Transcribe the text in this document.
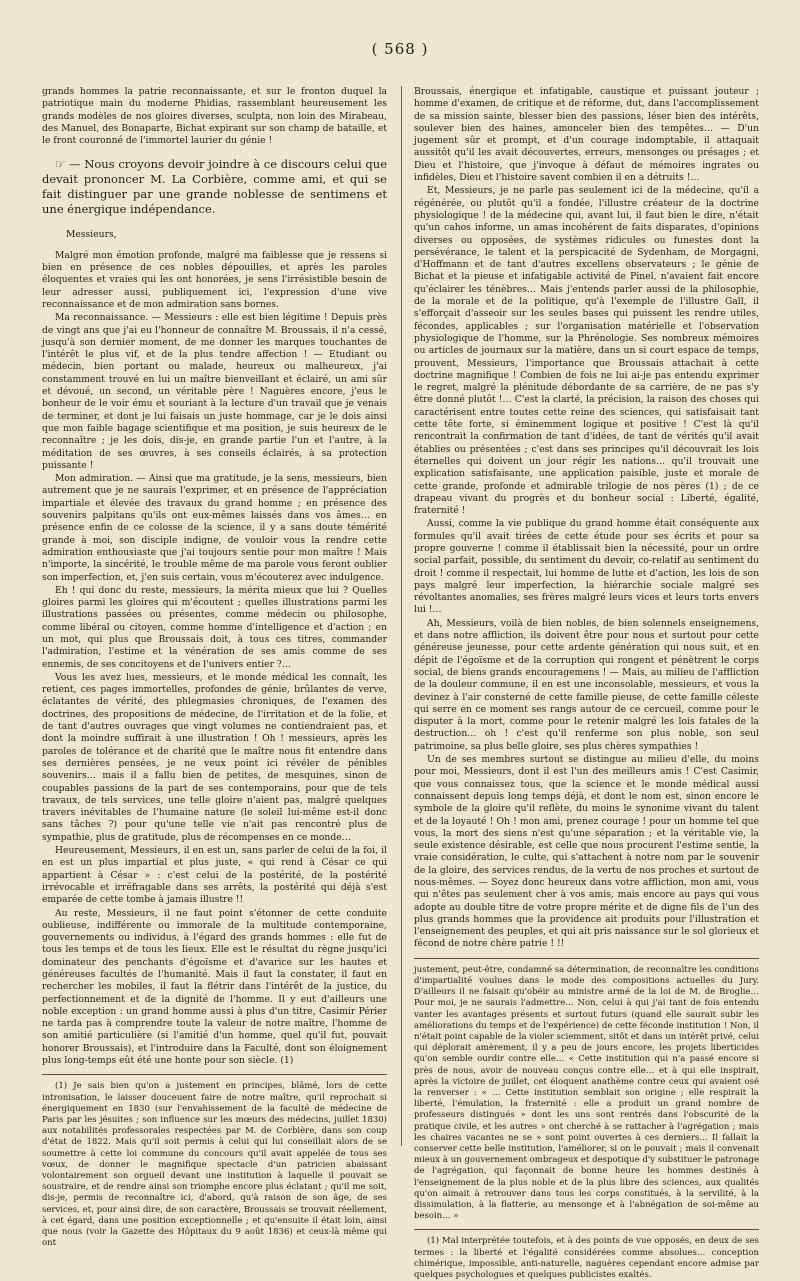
( 568 )

grands hommes la patrie reconnaissante, et sur le fronton duquel la patriotique main du moderne Phidias, rassemblant heureusement les grands modèles de nos gloires diverses, sculpta, non loin des Mirabeau, des Manuel, des Bonaparte, Bichat expirant sur son champ de bataille, et le front couronné de l'immortel laurier du génie !

☞ — Nous croyons devoir joindre à ce discours celui que devait prononcer M. La Corbière, comme ami, et qui se fait distinguer par une grande noblesse de sentimens et une énergique indépendance.

Messieurs,

Malgré mon émotion profonde, malgré ma faiblesse que je ressens si bien en présence de ces nobles dépouilles, et après les paroles éloquentes et vraies qui les ont honorées, je sens l'irrésistible besoin de leur adresser aussi, publiquement ici, l'expression d'une vive reconnaissance et de mon admiration sans bornes.

Ma reconnaissance. — Messieurs : elle est bien légitime ! Depuis près de vingt ans que j'ai eu l'honneur de connaître M. Broussais, il n'a cessé, jusqu'à son dernier moment, de me donner les marques touchantes de l'intérêt le plus vif, et de la plus tendre affection ! — Etudiant ou médecin, bien portant ou malade, heureux ou malheureux, j'ai constamment trouvé en lui un maître bienveillant et éclairé, un ami sûr et dévoué, un second, un véritable père ! Naguères encore, j'eus le bonheur de le voir ému et souriant à la lecture d'un travail que je venais de terminer, et dont je lui faisais un juste hommage, car je le dois ainsi que mon faible bagage scientifique et ma position, je suis heureux de le reconnaître ; je les dois, dis-je, en grande partie l'un et l'autre, à la méditation de ses œuvres, à ses conseils éclairés, à sa protection puissante !

Mon admiration. — Ainsi que ma gratitude, je la sens, messieurs, bien autrement que je ne saurais l'exprimer, et en présence de l'appréciation impartiale et élevée des travaux du grand homme ; en présence des souvenirs palpitans qu'ils ont eux-mêmes laissés dans vos âmes… en présence enfin de ce colosse de la science, il y a sans doute témérité grande à moi, son disciple indigne, de vouloir vous la rendre cette admiration enthousiaste que j'ai toujours sentie pour mon maître ! Mais n'importe, la sincérité, le trouble même de ma parole vous feront oublier son imperfection, et, j'en suis certain, vous m'écouterez avec indulgence.

Eh ! qui donc du reste, messieurs, la mérita mieux que lui ? Quelles gloires parmi les gloires qui m'écoutent ; quelles illustrations parmi les illustrations passées ou présentes, comme médecin ou philosophe, comme libéral ou citoyen, comme homme d'intelligence et d'action ; en un mot, qui plus que Broussais doit, à tous ces titres, commander l'admiration, l'estime et la vénération de ses amis comme de ses ennemis, de ses concitoyens et de l'univers entier ?…

Vous les avez lues, messieurs, et le monde médical les connaît, les retient, ces pages immortelles, profondes de génie, brûlantes de verve, éclatantes de vérité, des phlegmasies chroniques, de l'examen des doctrines, des propositions de médecine, de l'irritation et de la folie, et de tant d'autres ouvrages que vingt volumes ne contiendraient pas, et dont la moindre suffirait à une illustration ! Oh ! messieurs, après les paroles de tolérance et de charité que le maître nous fit entendre dans ses dernières pensées, je ne veux point ici révéler de pénibles souvenirs… mais il a fallu bien de petites, de mesquines, sinon de coupables passions de la part de ses contemporains, pour que de tels travaux, de tels services, une telle gloire n'aient pas, malgré quelques travers inévitables de l'humaine nature (le soleil lui-même est-il donc sans tâches ?) pour qu'une telle vie n'ait pas rencontré plus de sympathie, plus de gratitude, plus de récompenses en ce monde…

Heureusement, Messieurs, il en est un, sans parler de celui de la foi, il en est un plus impartial et plus juste, « qui rend à César ce qui appartient à César » : c'est celui de la postérité, de la postérité irrévocable et irréfragable dans ses arrêts, la postérité qui déjà s'est emparée de cette tombe à jamais illustre !!

Au reste, Messieurs, il ne faut point s'étonner de cette conduite oublieuse, indifférente ou immorale de la multitude contemporaine, gouvernements ou individus, à l'égard des grands hommes : elle fut de tous les temps et de tous les lieux. Elle est le résultat du règne jusqu'ici dominateur des penchants d'égoïsme et d'avarice sur les hautes et généreuses facultés de l'humanité. Mais il faut la constater, il faut en rechercher les mobiles, il faut la flétrir dans l'intérêt de la justice, du perfectionnement et de la dignité de l'homme. Il y eut d'ailleurs une noble exception : un grand homme aussi à plus d'un titre, Casimir Périer ne tarda pas à comprendre toute la valeur de notre maître, l'homme de son amitié particulière (si l'amitié d'un homme, quel qu'il fut, pouvait honorer Broussais), et l'introduire dans la Faculté, dont son éloignement plus long-temps eût été une honte pour son siècle. (1)

(1) Je sais bien qu'on a justement en principes, blâmé, lors de cette intronisation, le laisser douceuent faire de notre maître, qu'il reprochait si énergiquement en 1830 (sur l'envahissement de la faculté de médecine de Paris par les jésuites ; son influence sur les mœurs des médecins, juillet 1830) aux notabilités professorales respectées par M. de Corbière, dans son coup d'état de 1822. Mais qu'il soit permis à celui qui lui conseillait alors de se soumettre à cette loi commune du concours qu'il avait appelée de tous ses vœux, de donner le magnifique spectacle d'un patricien abaissant volontairement son orgueil devant une institution à laquelle il pouvait se soustraire, et de rendre ainsi son triomphe encore plus éclatant ; qu'il me soit, dis-je, permis de reconnaître ici, d'abord, qu'à raison de son âge, de ses services, et, pour ainsi dire, de son caractère, Broussais se trouvait réellement, à cet égard, dans une position exceptionnelle ; et qu'ensuite il était loin, ainsi que nous (voir la Gazette des Hôpitaux du 9 août 1836) et ceux-là même qui ont

Broussais, énergique et infatigable, caustique et puissant jouteur ; homme d'examen, de critique et de réforme, dut, dans l'accomplissement de sa mission sainte, blesser bien des passions, léser bien des intérêts, soulever bien des haines, amonceler bien des tempêtes… — D'un jugement sûr et prompt, et d'un courage indomptable, il attaquait aussitôt qu'il les avait découvertes, erreurs, mensonges ou présages ; et Dieu et l'histoire, que j'invoque à défaut de mémoires ingrates ou infidèles, Dieu et l'histoire savent combien il en a détruits !…

Et, Messieurs, je ne parle pas seulement ici de la médecine, qu'il a régénérée, ou plutôt qu'il a fondée, l'illustre créateur de la doctrine physiologique ! de la médecine qui, avant lui, il faut bien le dire, n'était qu'un cahos informe, un amas incohérent de faits disparates, d'opinions diverses ou opposées, de systèmes ridicules ou funestes dont la persévérance, le talent et la perspicacité de Sydenham, de Morgagni, d'Hoffmann et de tant d'autres excellens observateurs ; le génie de Bichat et la pieuse et infatigable activité de Pinel, n'avaient fait encore qu'éclairer les ténèbres… Mais j'entends parler aussi de la philosophie, de la morale et de la politique, qu'à l'exemple de l'illustre Gall, il s'efforçait d'asseoir sur les seules bases qui puissent les rendre utiles, fécondes, applicables ; sur l'organisation matérielle et l'observation physiologique de l'homme, sur la Phrénologie. Ses nombreux mémoires ou articles de journaux sur la matière, dans un si court espace de temps, prouvent, Messieurs, l'importance que Broussais attachait à cette doctrine magnifique ! Combien de fois ne lui ai-je pas entendu exprimer le regret, malgré la plénitude débordante de sa carrière, de ne pas s'y être donné plutôt !… C'est la clarté, la précision, la raison des choses qui caractérisent entre toutes cette reine des sciences, qui satisfaisait tant cette tête forte, si éminemment logique et positive ! C'est là qu'il rencontrait la confirmation de tant d'idées, de tant de vérités qu'il avait établies ou présentées ; c'est dans ses principes qu'il découvrait les lois éternelles qui doivent un jour régir les nations… qu'il trouvait une explication satisfaisante, une application paisible, juste et morale de cette grande, profonde et admirable trilogie de nos pères (1) ; de ce drapeau vivant du progrès et du bonheur social : Liberté, égalité, fraternité !

Aussi, comme la vie publique du grand homme était conséquente aux formules qu'il avait tirées de cette étude pour ses écrits et pour sa propre gouverne ! comme il établissait bien la nécessité, pour un ordre social parfait, possible, du sentiment du devoir, co-relatif au sentiment du droit ! comme il respectait, lui homme de lutte et d'action, les lois de son pays malgré leur imperfection, la hiérarchie sociale malgré ses révoltantes anomalies, ses frères malgré leurs vices et leurs torts envers lui !…

Ah, Messieurs, voilà de bien nobles, de bien solennels enseignemens, et dans notre affliction, ils doivent être pour nous et surtout pour cette généreuse jeunesse, pour cette ardente génération qui nous suit, et en dépit de l'égoïsme et de la corruption qui rongent et pénètrent le corps social, de biens grands encouragemens ! — Mais, au milieu de l'affliction de la douleur commune, il en est une inconsolable, messieurs, et vous la devinez à l'air consterné de cette famille pieuse, de cette famille céleste qui serre en ce moment ses rangs autour de ce cercueil, comme pour le disputer à la mort, comme pour le retenir malgré les lois fatales de la destruction… oh ! c'est qu'il renferme son plus noble, son seul patrimoine, sa plus belle gloire, ses plus chères sympathies !

Un de ses membres surtout se distingue au milieu d'elle, du moins pour moi, Messieurs, dont il est l'un des meilleurs amis ! C'est Casimir, que vous connaissez tous, que la science et le monde médical aussi connaissent depuis long temps déjà, et dont le nom est, sinon encore le symbole de la gloire qu'il reflète, du moins le synonime vivant du talent et de la loyauté ! Oh ! mon ami, prenez courage ! pour un homme tel que vous, la mort des siens n'est qu'une séparation ; et la véritable vie, la seule existence désirable, est celle que nous procurent l'estime sentie, la vraie considération, le culte, qui s'attachent à notre nom par le souvenir de la gloire, des services rendus, de la vertu de nos proches et surtout de nous-mêmes. — Soyez donc heureux dans votre affliction, mon ami, vous qui n'êtes pas seulement cher à vos amis, mais encore au pays qui vous adopte au double titre de votre propre mérite et de digne fils de l'un des plus grands hommes que la providence ait produits pour l'illustration et l'enseignement des peuples, et qui ait pris naissance sur le sol glorieux et fécond de notre chère patrie ! !!

justement, peut-être, condamné sa détermination, de reconnaître les conditions d'impartialité voulues dans le mode des compositions actuelles du Jury. D'ailleurs il ne faisait qu'obéir au ministre armé de la loi de M. de Broglie… Pour moi, je ne saurais l'admettre… Non, celui à qui j'ai tant de fois entendu vanter les avantages présents et surtout futurs (quand elle saurait subir les améliorations du temps et de l'expérience) de cette féconde institution ! Non, il n'était point capable de la violer sciemment, sitôt et dans un intérêt privé, celui qui déplorait amèrement, il y a peu de jours encore, les projets liberticides qu'on semble ourdir contre elle… « Cette institution qui n'a passé encore si près de nous, avoir de nouveau conçus contre elle… et à qui elle inspirait, après la victoire de juillet, cet éloquent anathème contre ceux qui avaient osé la renverser : « … Cette institution semblait son origine ; elle respirait la liberté, l'émulation, la fraternité : elle a produit un grand nombre de professeurs distingués » dont les uns sont rentrés dans l'obscurité de la pratique civile, et les autres » ont cherché à se rattacher à l'agrégation ; mais les chaires vacantes ne se » sont point ouvertes à ces derniers… Il fallait la conserver cette belle institution, l'améliorer, si on le pouvait ; mais il convenait mieux à un gouvernement ombrageux et despotique d'y substituer le patronage de l'agrégation, qui façonnait de bonne heure les hommes destinés à l'enseignement de la plus noble et de la plus libre des sciences, aux qualités qu'on aimait à retrouver dans tous les corps constitués, à la servilité, à la dissimulation, à la flatterie, au mensonge et à l'abnégation de soi-même au besoin… »

(1) Mal interprétée toutefois, et à des points de vue opposés, en deux de ses termes : la liberté et l'égalité considérées comme absolues… conception chimérique, impossible, anti-naturelle, naguères cependant encore admise par quelques psychologues et quelques publicistes exaltés.
